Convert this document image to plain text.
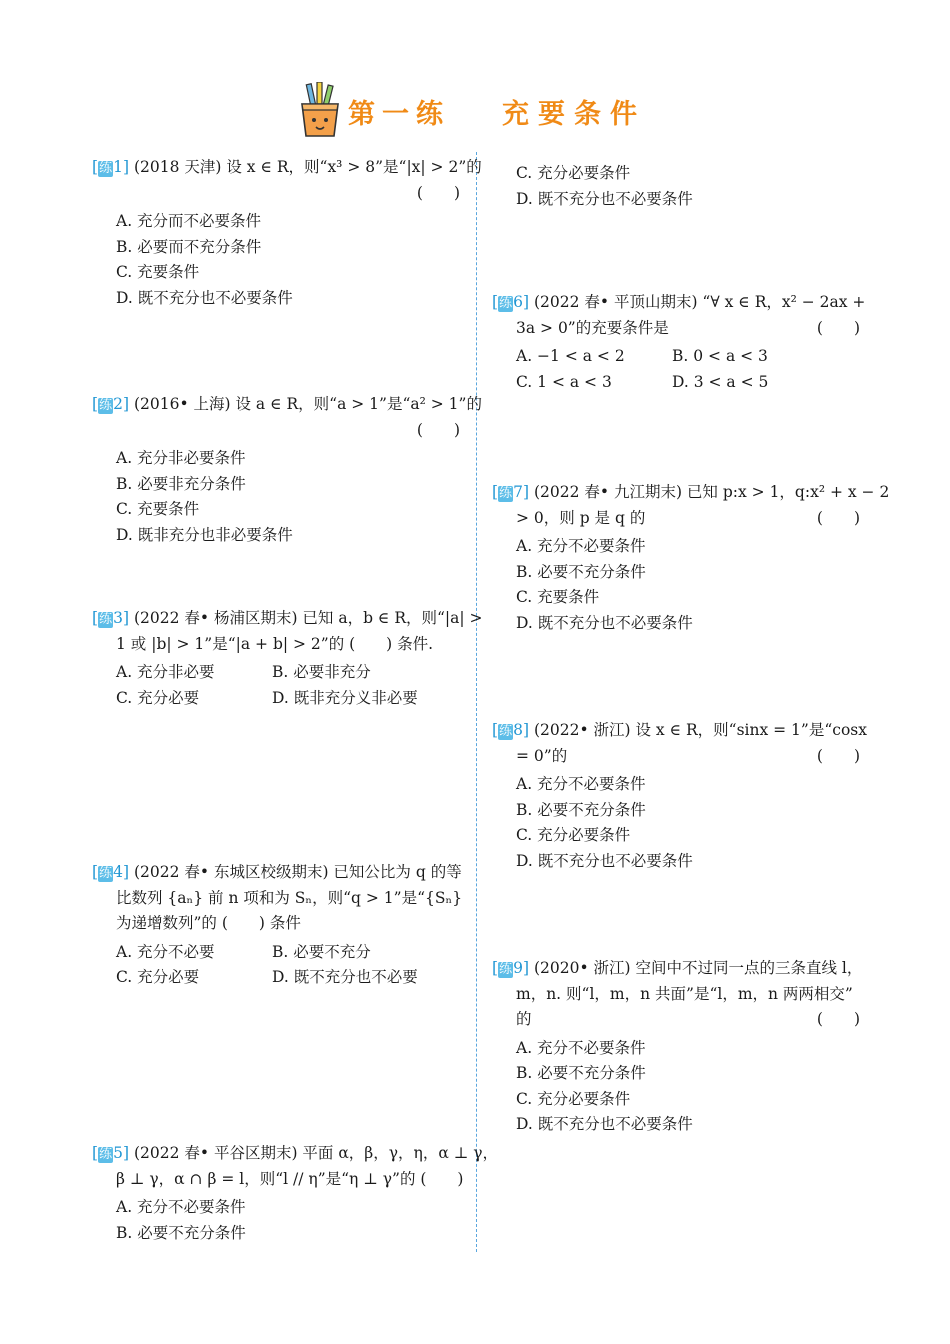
第一练 充要条件
[练1] (2018 天津) 设 x ∈ R，则“x³ > 8”是“|x| > 2”的
(　　)
A. 充分而不必要条件
B. 必要而不充分条件
C. 充要条件
D. 既不充分也不必要条件
[练2] (2016• 上海) 设 a ∈ R，则“a > 1”是“a² > 1”的
(　　)
A. 充分非必要条件
B. 必要非充分条件
C. 充要条件
D. 既非充分也非必要条件
[练3] (2022 春• 杨浦区期末) 已知 a，b ∈ R，则“|a| >
1 或 |b| > 1”是“|a + b| > 2”的 (　　) 条件.
A. 充分非必要	B. 必要非充分
C. 充分必要	D. 既非充分义非必要
[练4] (2022 春• 东城区校级期末) 已知公比为 q 的等
比数列 {aₙ} 前 n 项和为 Sₙ，则“q > 1”是“{Sₙ}
为递增数列”的 (　　) 条件
A. 充分不必要	B. 必要不充分
C. 充分必要	D. 既不充分也不必要
[练5] (2022 春• 平谷区期末) 平面 α，β，γ，η，α ⊥ γ，
β ⊥ γ，α ∩ β = l，则“l // η”是“η ⊥ γ”的 (　　)
A. 充分不必要条件
B. 必要不充分条件
C. 充分必要条件
D. 既不充分也不必要条件
[练6] (2022 春• 平顶山期末) “∀ x ∈ R，x² − 2ax +
3a > 0”的充要条件是	(　　)
A. −1 < a < 2	B. 0 < a < 3
C. 1 < a < 3	D. 3 < a < 5
[练7] (2022 春• 九江期末) 已知 p:x > 1，q:x² + x − 2
> 0，则 p 是 q 的	(　　)
A. 充分不必要条件
B. 必要不充分条件
C. 充要条件
D. 既不充分也不必要条件
[练8] (2022• 浙江) 设 x ∈ R，则“sinx = 1”是“cosx
= 0”的	(　　)
A. 充分不必要条件
B. 必要不充分条件
C. 充分必要条件
D. 既不充分也不必要条件
[练9] (2020• 浙江) 空间中不过同一点的三条直线 l，
m，n. 则“l，m，n 共面”是“l，m，n 两两相交”
的	(　　)
A. 充分不必要条件
B. 必要不充分条件
C. 充分必要条件
D. 既不充分也不必要条件
